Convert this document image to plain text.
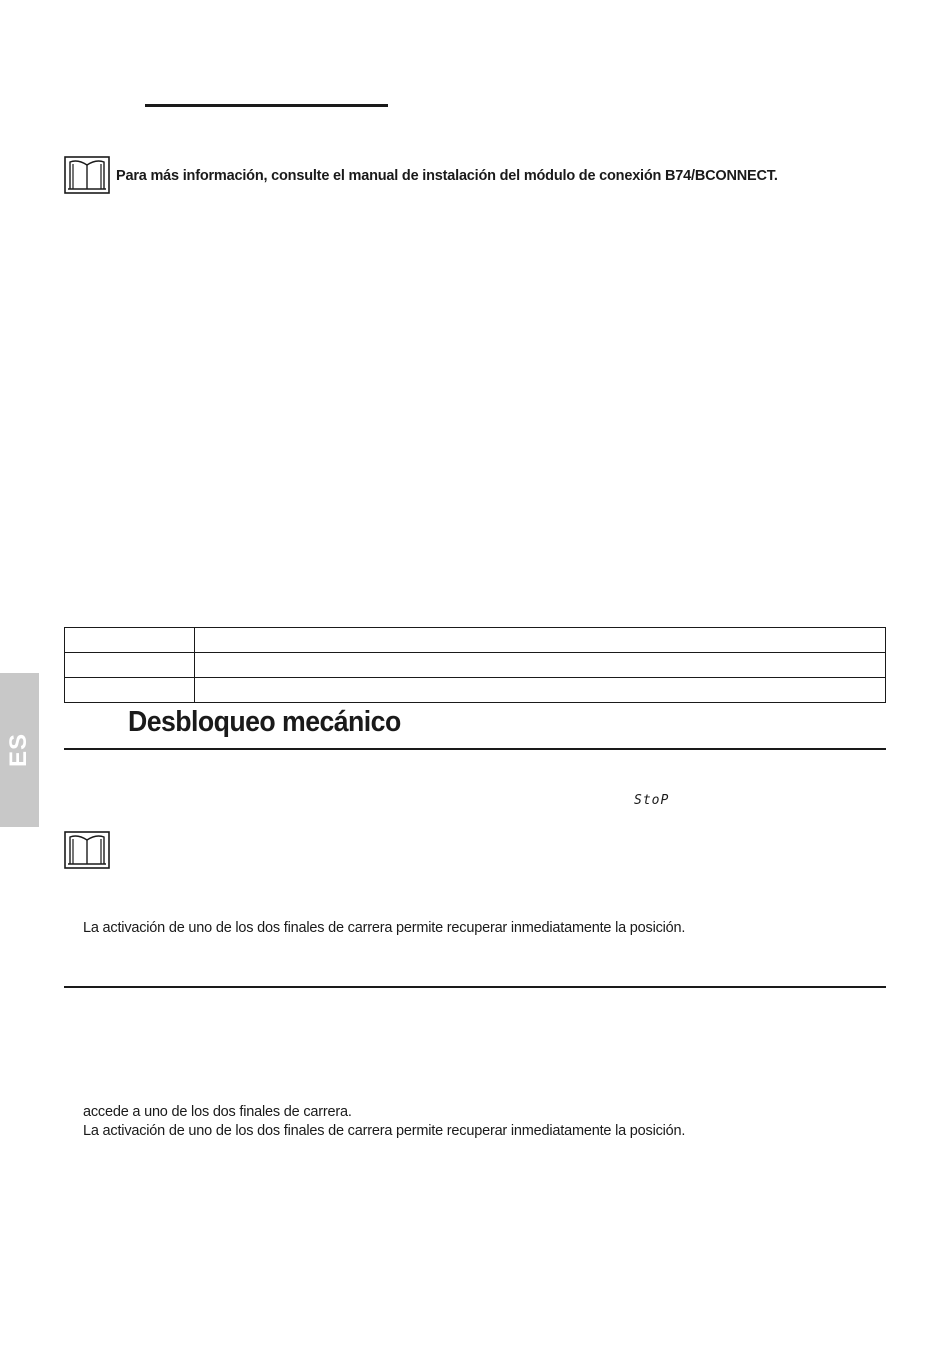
Para más información, consulte el manual de instalación del módulo de conexión B74/BCONNECT.

Desbloqueo mecánico
StoP
La activación de uno de los dos finales de carrera permite recuperar inmediatamente la posición.
accede a uno de los dos finales de carrera.
La activación de uno de los dos finales de carrera permite recuperar inmediatamente la posición.
ES
